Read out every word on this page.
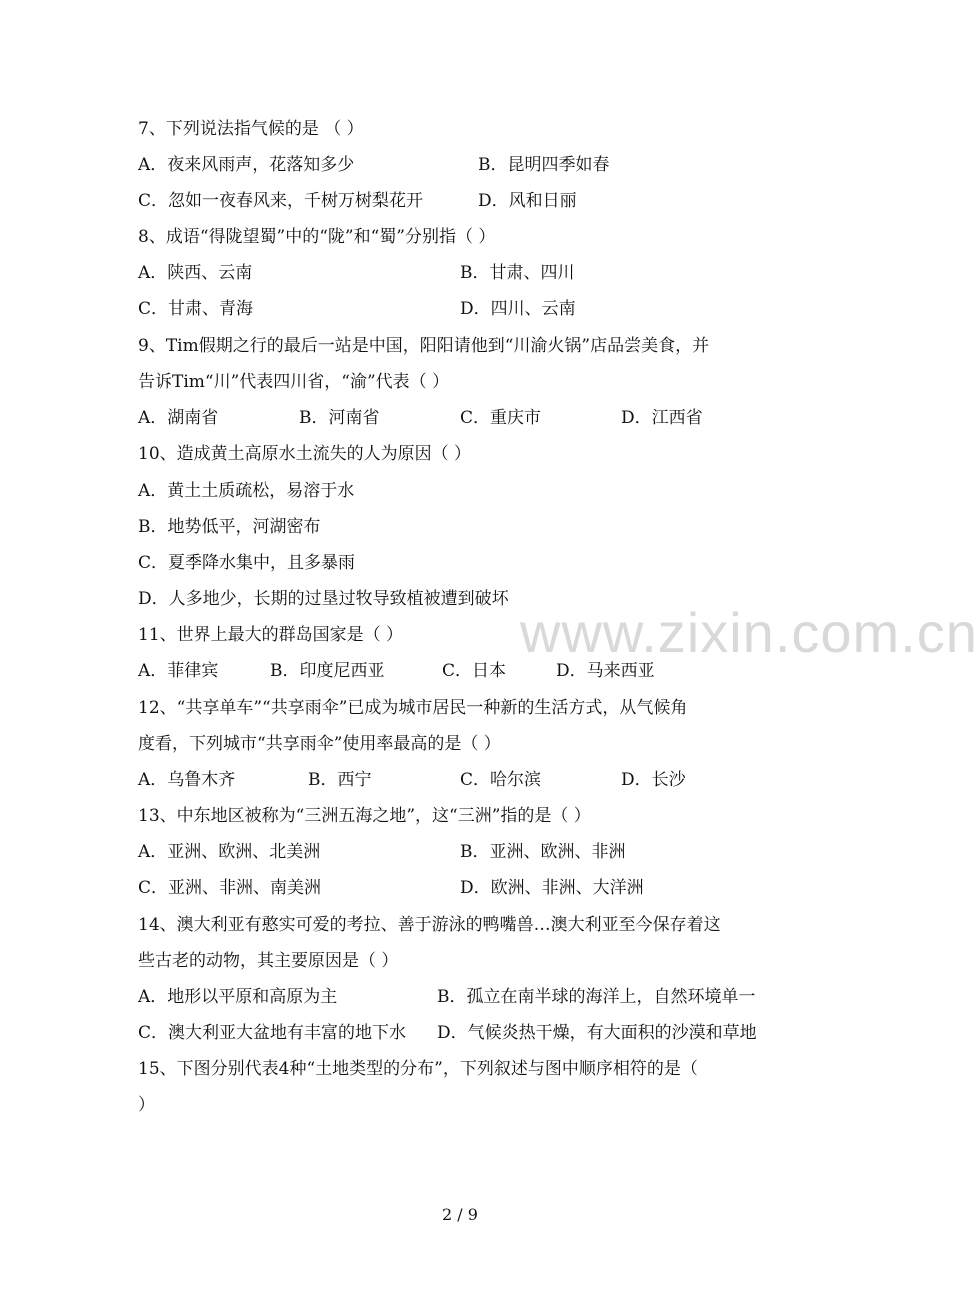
7、下列说法指气候的是 （ ）
A．夜来风雨声，花落知多少	B．昆明四季如春
C．忽如一夜春风来，千树万树梨花开	D．风和日丽
8、成语“得陇望蜀”中的“陇”和“蜀”分别指（ ）
A．陕西、云南	B．甘肃、四川
C．甘肃、青海	D．四川、云南
9、Tim假期之行的最后一站是中国，阳阳请他到“川渝火锅”店品尝美食，并
告诉Tim“川”代表四川省，“渝”代表（ ）
A．湖南省	B．河南省	C．重庆市	D．江西省
10、造成黄土高原水土流失的人为原因（ ）
A．黄土土质疏松，易溶于水
B．地势低平，河湖密布
C．夏季降水集中，且多暴雨
D．人多地少，长期的过垦过牧导致植被遭到破坏
11、世界上最大的群岛国家是（ ）
A．菲律宾	B．印度尼西亚	C．日本	D．马来西亚
12、“共享单车”“共享雨伞”已成为城市居民一种新的生活方式，从气候角
度看，下列城市“共享雨伞”使用率最高的是（ ）
A．乌鲁木齐	B．西宁	C．哈尔滨	D．长沙
13、中东地区被称为“三洲五海之地”，这“三洲”指的是（ ）
A．亚洲、欧洲、北美洲	B．亚洲、欧洲、非洲
C．亚洲、非洲、南美洲	D．欧洲、非洲、大洋洲
14、澳大利亚有憨实可爱的考拉、善于游泳的鸭嘴兽…澳大利亚至今保存着这
些古老的动物，其主要原因是（ ）
A．地形以平原和高原为主	B．孤立在南半球的海洋上，自然环境单一
C．澳大利亚大盆地有丰富的地下水 D．气候炎热干燥，有大面积的沙漠和草地
15、下图分别代表4种“土地类型的分布”，下列叙述与图中顺序相符的是（
）
www.zixin.com.cn
2 / 9
